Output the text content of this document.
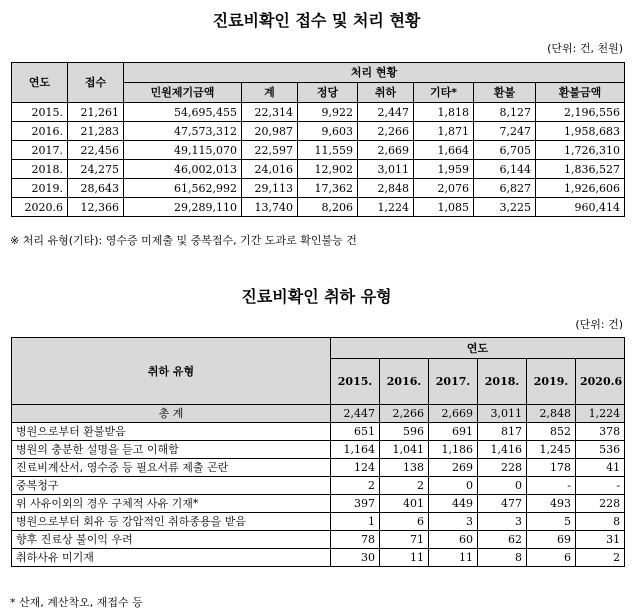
진료비확인 접수 및 처리 현황
(단위: 건, 천원)
연도	접수	처리 현황						
		민원제기금액	계	정당	취하	기타*	환불	환불금액
2015.	21,261	54,695,455	22,314	9,922	2,447	1,818	8,127	2,196,556
2016.	21,283	47,573,312	20,987	9,603	2,266	1,871	7,247	1,958,683
2017.	22,456	49,115,070	22,597	11,559	2,669	1,664	6,705	1,726,310
2018.	24,275	46,002,013	24,016	12,902	3,011	1,959	6,144	1,836,527
2019.	28,643	61,562,992	29,113	17,362	2,848	2,076	6,827	1,926,606
2020.6	12,366	29,289,110	13,740	8,206	1,224	1,085	3,225	960,414
※ 처리 유형(기타): 영수증 미제출 및 중복접수, 기간 도과로 확인불능 건
진료비확인 취하 유형
(단위: 건)
취하 유형	연도					
	2015.	2016.	2017.	2018.	2019.	2020.6
총 계	2,447	2,266	2,669	3,011	2,848	1,224
병원으로부터 환불받음	651	596	691	817	852	378
병원의 충분한 설명을 듣고 이해함	1,164	1,041	1,186	1,416	1,245	536
진료비계산서, 영수증 등 필요서류 제출 곤란	124	138	269	228	178	41
중복청구	2	2	0	0	-	-
위 사유이외의 경우 구체적 사유 기재*	397	401	449	477	493	228
병원으로부터 회유 등 강압적인 취하종용을 받음	1	6	3	3	5	8
향후 진료상 불이익 우려	78	71	60	62	69	31
취하사유 미기재	30	11	11	8	6	2
* 산재, 계산착오, 재접수 등
